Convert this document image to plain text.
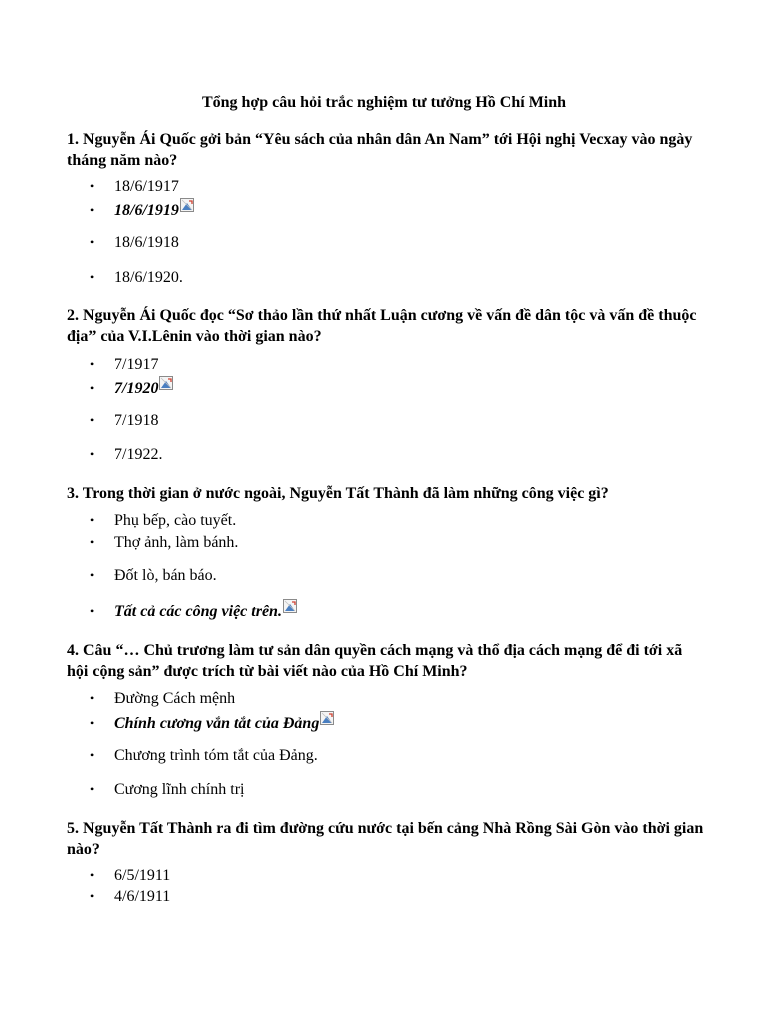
Tổng hợp câu hỏi trắc nghiệm tư tưởng Hồ Chí Minh
1. Nguyễn Ái Quốc gởi bản “Yêu sách của nhân dân An Nam” tới Hội nghị Vecxay vào ngày tháng năm nào?
• 18/6/1917
• 18/6/1919
• 18/6/1918
• 18/6/1920.
2. Nguyễn Ái Quốc đọc “Sơ thảo lần thứ nhất Luận cương về vấn đề dân tộc và vấn đề thuộc địa” của V.I.Lênin vào thời gian nào?
• 7/1917
• 7/1920
• 7/1918
• 7/1922.
3. Trong thời gian ở nước ngoài, Nguyễn Tất Thành đã làm những công việc gì?
• Phụ bếp, cào tuyết.
• Thợ ảnh, làm bánh.
• Đốt lò, bán báo.
• Tất cả các công việc trên.
4. Câu “… Chủ trương làm tư sản dân quyền cách mạng và thổ địa cách mạng để đi tới xã hội cộng sản” được trích từ bài viết nào của Hồ Chí Minh?
• Đường Cách mệnh
• Chính cương vắn tắt của Đảng
• Chương trình tóm tắt của Đảng.
• Cương lĩnh chính trị
5. Nguyễn Tất Thành ra đi tìm đường cứu nước tại bến cảng Nhà Rồng Sài Gòn vào thời gian nào?
• 6/5/1911
• 4/6/1911
